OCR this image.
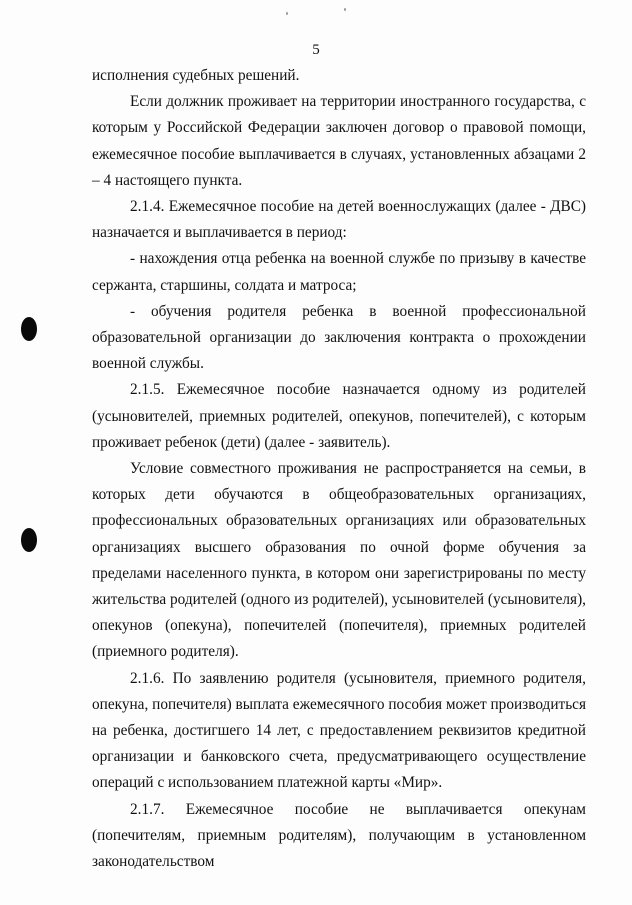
5

исполнения судебных решений.

Если должник проживает на территории иностранного государства, с которым у Российской Федерации заключен договор о правовой помощи, ежемесячное пособие выплачивается в случаях, установленных абзацами 2 – 4 настоящего пункта.

2.1.4. Ежемесячное пособие на детей военнослужащих (далее - ДВС) назначается и выплачивается в период:

- нахождения отца ребенка на военной службе по призыву в качестве сержанта, старшины, солдата и матроса;

- обучения родителя ребенка в военной профессиональной образовательной организации до заключения контракта о прохождении военной службы.

2.1.5. Ежемесячное пособие назначается одному из родителей (усыновителей, приемных родителей, опекунов, попечителей), с которым проживает ребенок (дети) (далее - заявитель).

Условие совместного проживания не распространяется на семьи, в которых дети обучаются в общеобразовательных организациях, профессиональных образовательных организациях или образовательных организациях высшего образования по очной форме обучения за пределами населенного пункта, в котором они зарегистрированы по месту жительства родителей (одного из родителей), усыновителей (усыновителя), опекунов (опекуна), попечителей (попечителя), приемных родителей (приемного родителя).

2.1.6. По заявлению родителя (усыновителя, приемного родителя, опекуна, попечителя) выплата ежемесячного пособия может производиться на ребенка, достигшего 14 лет, с предоставлением реквизитов кредитной организации и банковского счета, предусматривающего осуществление операций с использованием платежной карты «Мир».

2.1.7. Ежемесячное пособие не выплачивается опекунам (попечителям, приемным родителям), получающим в установленном законодательством
